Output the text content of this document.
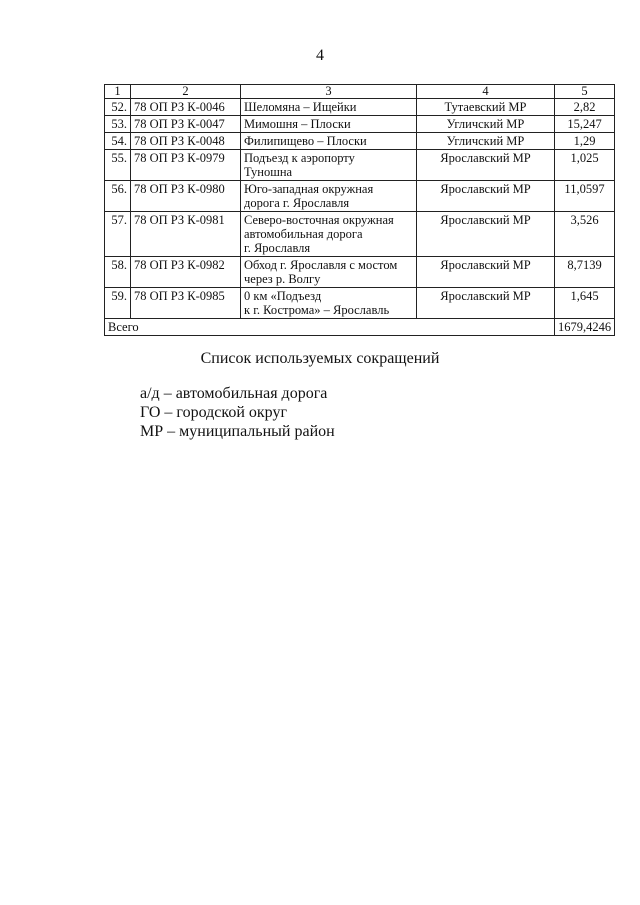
4
1	2	3	4	5
52.	78 ОП РЗ К-0046	Шеломяна – Ищейки	Тутаевский МР	2,82
53.	78 ОП РЗ К-0047	Мимошня – Плоски	Угличский МР	15,247
54.	78 ОП РЗ К-0048	Филипищево – Плоски	Угличский МР	1,29
55.	78 ОП РЗ К-0979	Подъезд к аэропорту
Туношна	Ярославский МР	1,025
56.	78 ОП РЗ К-0980	Юго-западная окружная
дорога г. Ярославля	Ярославский МР	11,0597
57.	78 ОП РЗ К-0981	Северо-восточная окружная
автомобильная дорога
г. Ярославля	Ярославский МР	3,526
58.	78 ОП РЗ К-0982	Обход г. Ярославля с мостом
через р. Волгу	Ярославский МР	8,7139
59.	78 ОП РЗ К-0985	0 км «Подъезд
к г. Кострома» – Ярославль	Ярославский МР	1,645
Всего				1679,4246
Список используемых сокращений
а/д – автомобильная дорога
ГО – городской округ
МР – муниципальный район
